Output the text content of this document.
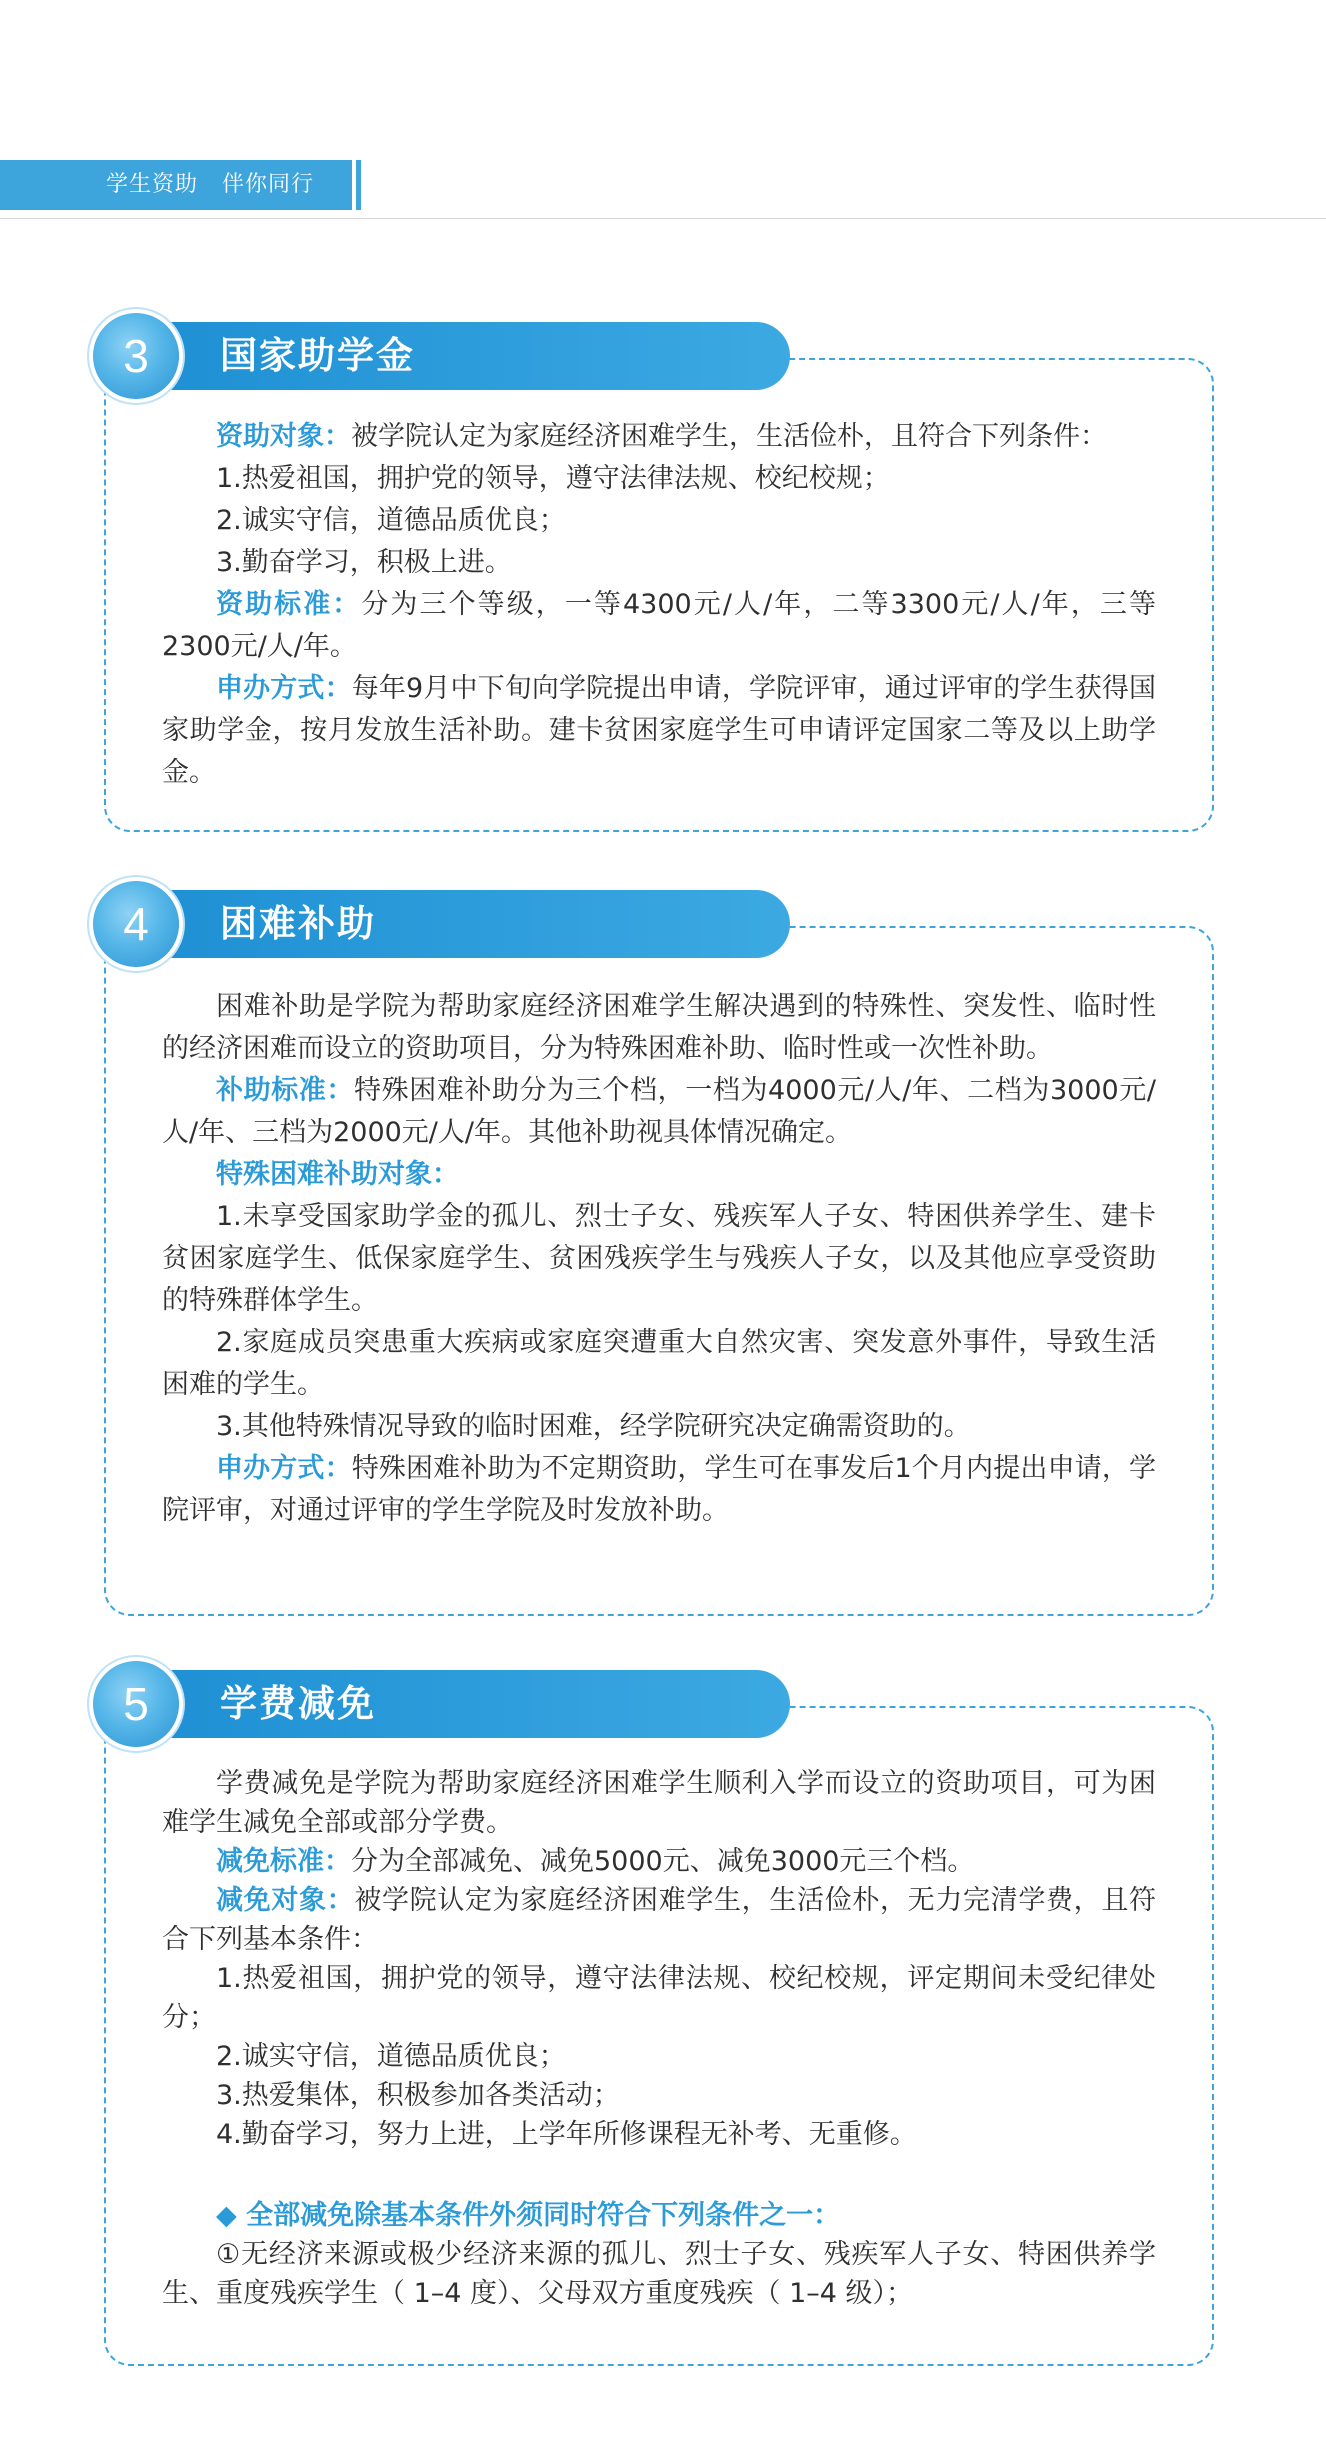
学生资助   伴你同行
国家助学金
3

资助对象：被学院认定为家庭经济困难学生，生活俭朴，且符合下列条件：

1.热爱祖国，拥护党的领导，遵守法律法规、校纪校规；

2.诚实守信，道德品质优良；

3.勤奋学习，积极上进。

资助标准：分为三个等级，一等4300元/人/年，二等3300元/人/年，三等2300元/人/年。

申办方式：每年9月中下旬向学院提出申请，学院评审，通过评审的学生获得国家助学金，按月发放生活补助。建卡贫困家庭学生可申请评定国家二等及以上助学金。

困难补助
4

困难补助是学院为帮助家庭经济困难学生解决遇到的特殊性、突发性、临时性的经济困难而设立的资助项目，分为特殊困难补助、临时性或一次性补助。

补助标准：特殊困难补助分为三个档，一档为4000元/人/年、二档为3000元/人/年、三档为2000元/人/年。其他补助视具体情况确定。

特殊困难补助对象：

1.未享受国家助学金的孤儿、烈士子女、残疾军人子女、特困供养学生、建卡贫困家庭学生、低保家庭学生、贫困残疾学生与残疾人子女，以及其他应享受资助的特殊群体学生。

2.家庭成员突患重大疾病或家庭突遭重大自然灾害、突发意外事件，导致生活困难的学生。

3.其他特殊情况导致的临时困难，经学院研究决定确需资助的。

申办方式：特殊困难补助为不定期资助，学生可在事发后1个月内提出申请，学院评审，对通过评审的学生学院及时发放补助。

学费减免
5

学费减免是学院为帮助家庭经济困难学生顺利入学而设立的资助项目，可为困难学生减免全部或部分学费。

减免标准：分为全部减免、减免5000元、减免3000元三个档。

减免对象：被学院认定为家庭经济困难学生，生活俭朴，无力完清学费，且符合下列基本条件：

1.热爱祖国，拥护党的领导，遵守法律法规、校纪校规，评定期间未受纪律处分；

2.诚实守信，道德品质优良；

3.热爱集体，积极参加各类活动；

4.勤奋学习，努力上进，上学年所修课程无补考、无重修。

◆ 全部减免除基本条件外须同时符合下列条件之一：

①无经济来源或极少经济来源的孤儿、烈士子女、残疾军人子女、特困供养学生、重度残疾学生（ 1–4 度）、父母双方重度残疾（ 1–4 级）；
